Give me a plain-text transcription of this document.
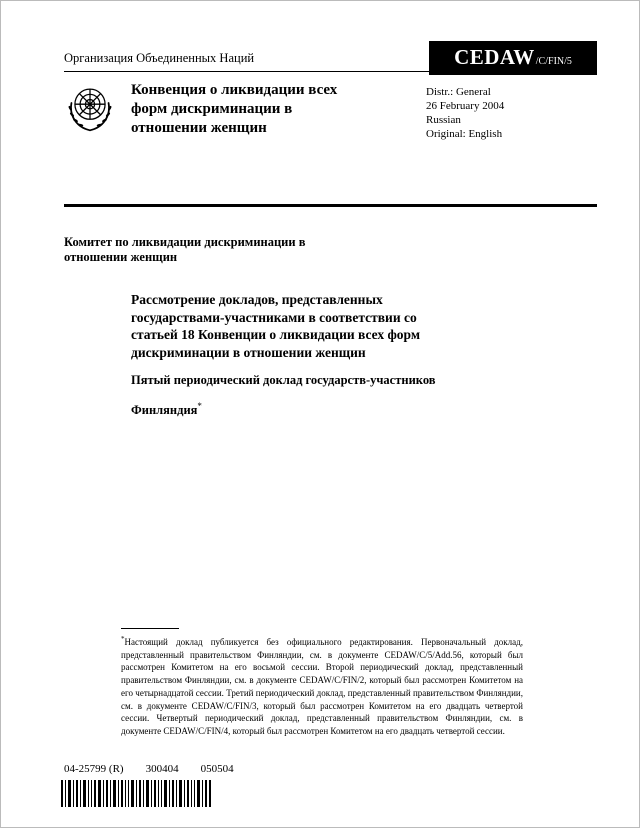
Организация Объединенных Наций	CEDAW /C/FIN/5
Конвенция о ликвидации всех форм дискриминации в отношении женщин
Distr.: General
26 February 2004
Russian
Original: English
Комитет по ликвидации дискриминации в отношении женщин
Рассмотрение докладов, представленных государствами-участниками в соответствии со статьей 18 Конвенции о ликвидации всех форм дискриминации в отношении женщин
Пятый периодический доклад государств-участников
Финляндия*
*Настоящий доклад публикуется без официального редактирования. Первоначальный доклад, представленный правительством Финляндии, см. в документе CEDAW/C/5/Add.56, который был рассмотрен Комитетом на его восьмой сессии. Второй периодический доклад, представленный правительством Финляндии, см. в документе CEDAW/C/FIN/2, который был рассмотрен Комитетом на его четырнадцатой сессии. Третий периодический доклад, представленный правительством Финляндии, см. в документе CEDAW/C/FIN/3, который был рассмотрен Комитетом на его двадцать четвертой сессии. Четвертый периодический доклад, представленный правительством Финляндии, см. в документе CEDAW/C/FIN/4, который был рассмотрен Комитетом на его двадцать четвертой сессии.
04-25799 (R) 300404 050504
